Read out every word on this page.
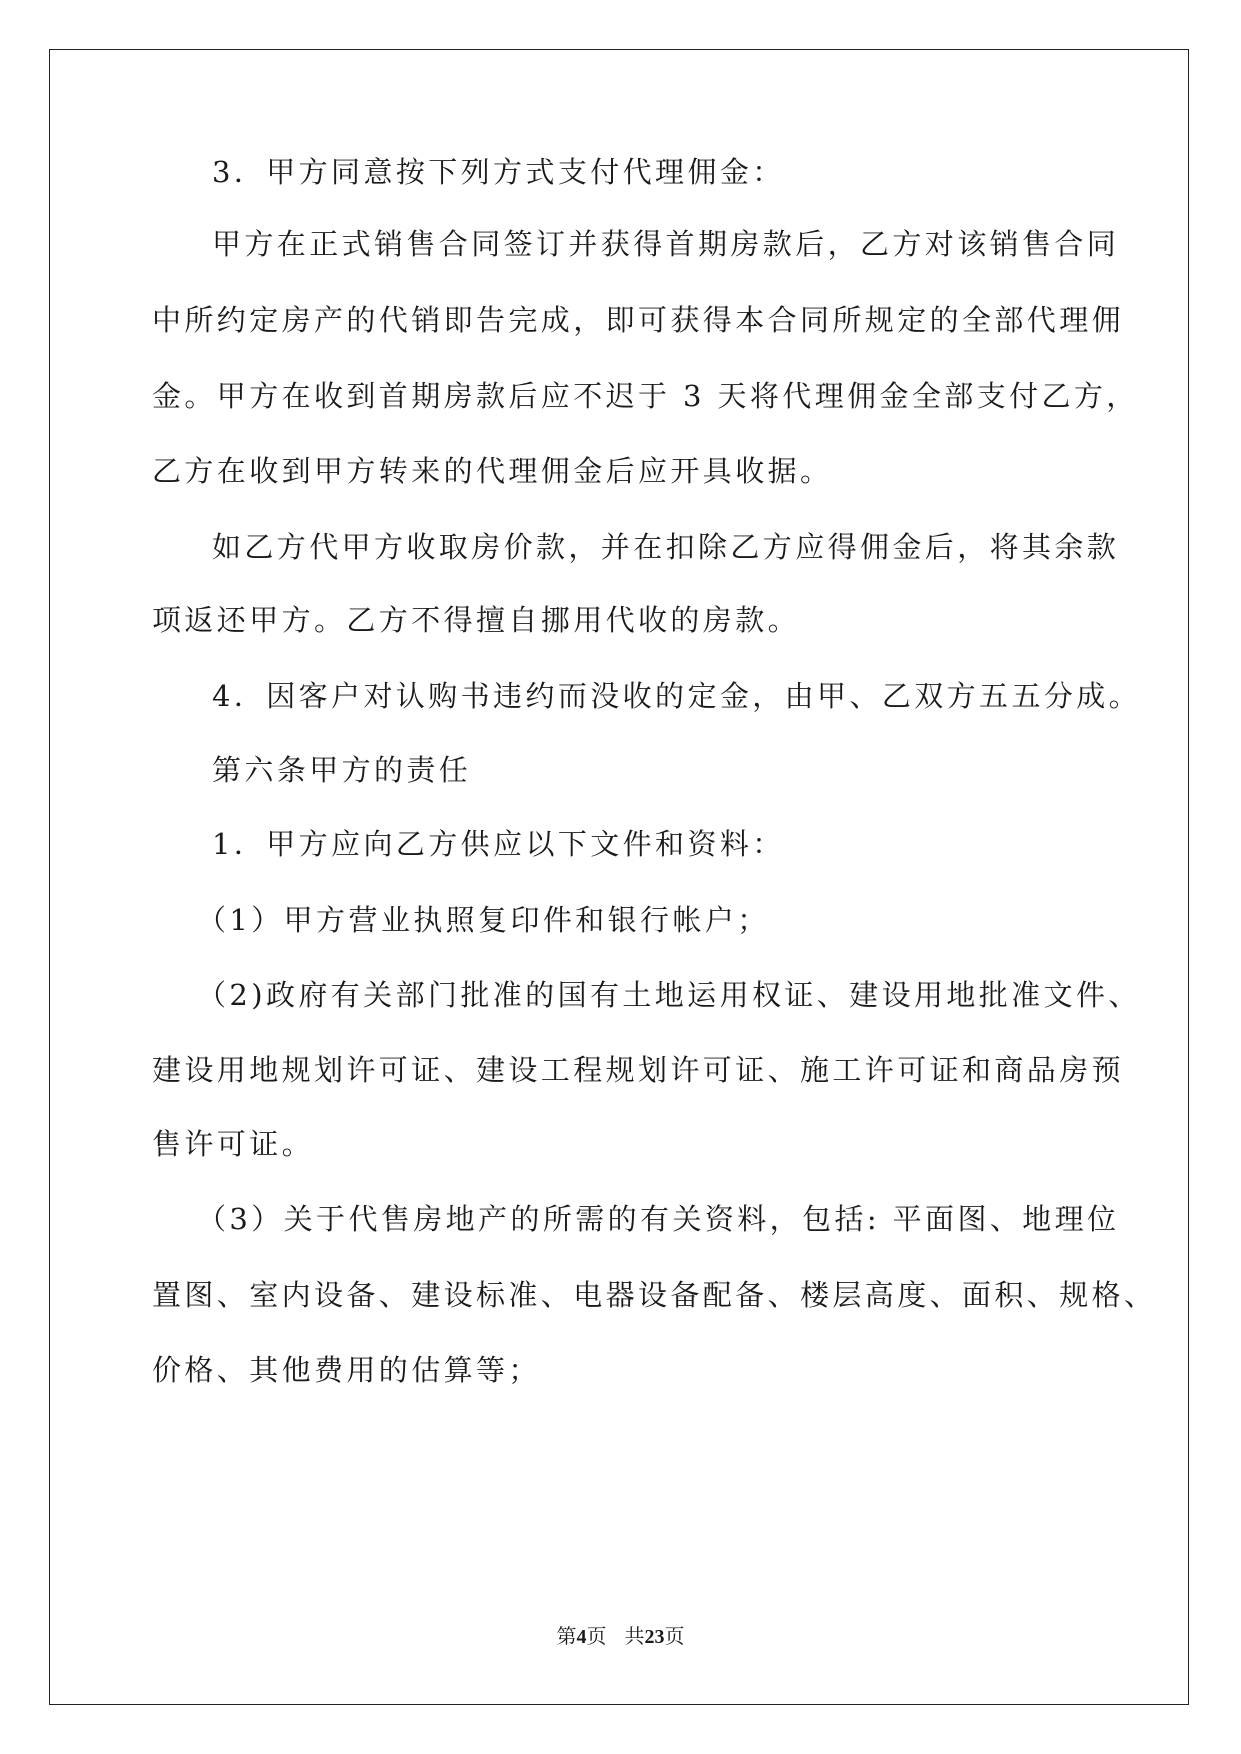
3．甲方同意按下列方式支付代理佣金：
甲方在正式销售合同签订并获得首期房款后，乙方对该销售合同
中所约定房产的代销即告完成，即可获得本合同所规定的全部代理佣
金。甲方在收到首期房款后应不迟于 3 天将代理佣金全部支付乙方，
乙方在收到甲方转来的代理佣金后应开具收据。
如乙方代甲方收取房价款，并在扣除乙方应得佣金后，将其余款
项返还甲方。乙方不得擅自挪用代收的房款。
4．因客户对认购书违约而没收的定金，由甲、乙双方五五分成。
第六条甲方的责任
1．甲方应向乙方供应以下文件和资料：
（1）甲方营业执照复印件和银行帐户；
（2)政府有关部门批准的国有土地运用权证、建设用地批准文件、
建设用地规划许可证、建设工程规划许可证、施工许可证和商品房预
售许可证。
（3）关于代售房地产的所需的有关资料，包括: 平面图、地理位
置图、室内设备、建设标准、电器设备配备、楼层高度、面积、规格、
价格、其他费用的估算等；
第4页 共23页
